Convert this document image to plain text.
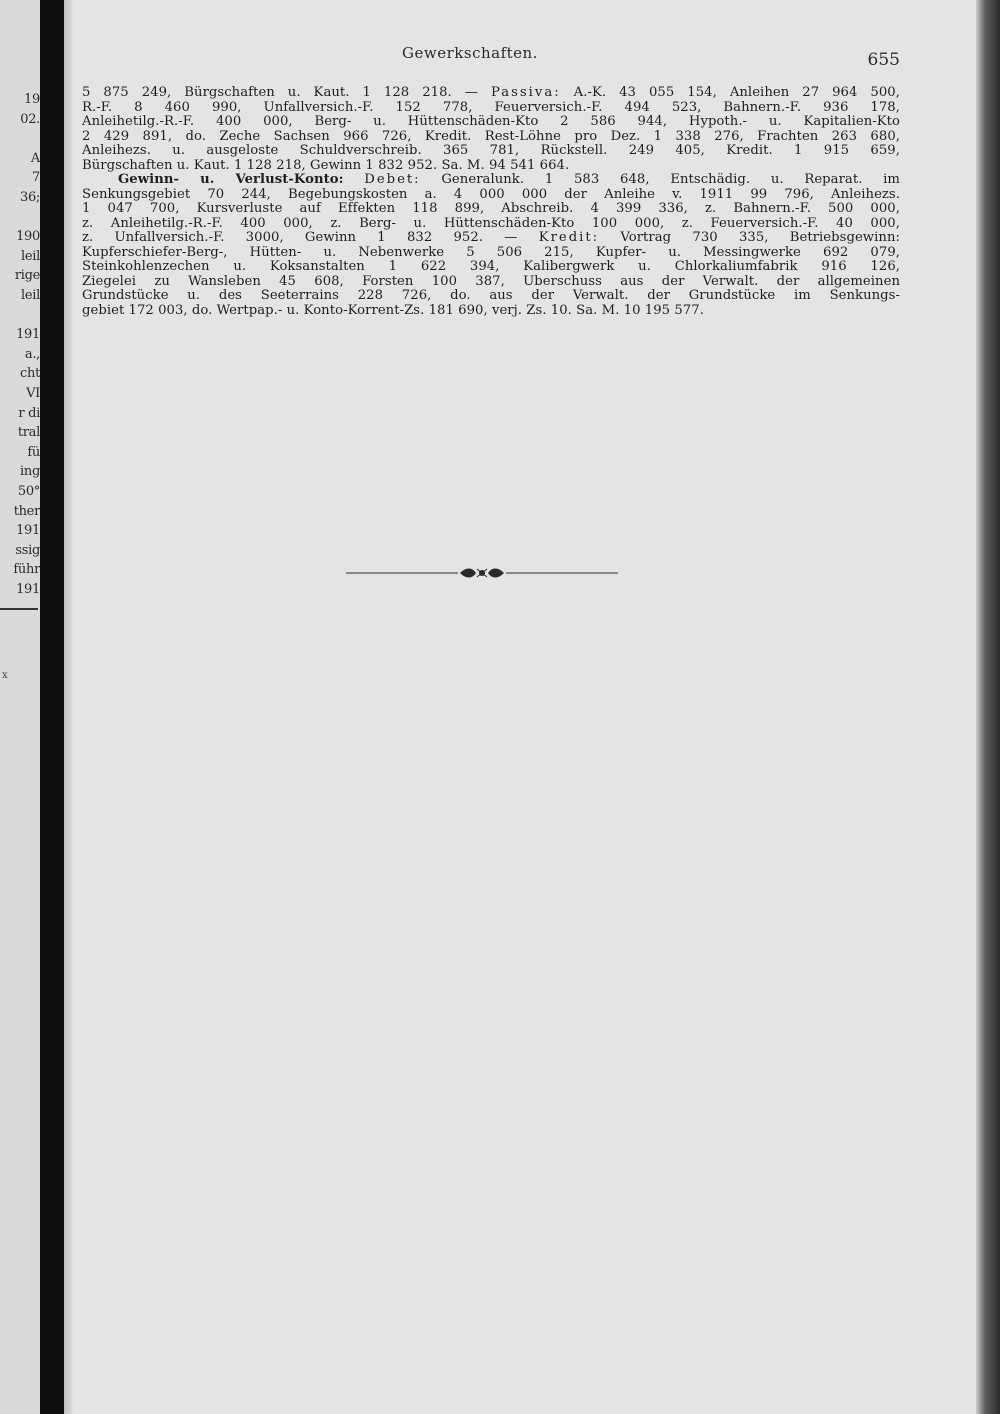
19
02.
A
7
36;
190
leil
rige
leil
191
a.,
cht
VI
r di
tral
fü
ing
50°
ther
191
ssig
führ
191
x
Gewerkschaften.	655
5 875 249, Bürgschaften u. Kaut. 1 128 218. — Passiva: A.-K. 43 055 154, Anleihen 27 964 500,
R.-F. 8 460 990, Unfallversich.-F. 152 778, Feuerversich.-F. 494 523, Bahnern.-F. 936 178,
Anleihetilg.-R.-F. 400 000, Berg- u. Hüttenschäden-Kto 2 586 944, Hypoth.- u. Kapitalien-Kto
2 429 891, do. Zeche Sachsen 966 726, Kredit. Rest-Löhne pro Dez. 1 338 276, Frachten 263 680,
Anleihezs. u. ausgeloste Schuldverschreib. 365 781, Rückstell. 249 405, Kredit. 1 915 659,
Bürgschaften u. Kaut. 1 128 218, Gewinn 1 832 952. Sa. M. 94 541 664.
Gewinn- u. Verlust-Konto: Debet: Generalunk. 1 583 648, Entschädig. u. Reparat. im
Senkungsgebiet 70 244, Begebungskosten a. 4 000 000 der Anleihe v. 1911 99 796, Anleihezs.
1 047 700, Kursverluste auf Effekten 118 899, Abschreib. 4 399 336, z. Bahnern.-F. 500 000,
z. Anleihetilg.-R.-F. 400 000, z. Berg- u. Hüttenschäden-Kto 100 000, z. Feuerversich.-F. 40 000,
z. Unfallversich.-F. 3000, Gewinn 1 832 952. — Kredit: Vortrag 730 335, Betriebsgewinn:
Kupferschiefer-Berg-, Hütten- u. Nebenwerke 5 506 215, Kupfer- u. Messingwerke 692 079,
Steinkohlenzechen u. Koksanstalten 1 622 394, Kalibergwerk u. Chlorkaliumfabrik 916 126,
Ziegelei zu Wansleben 45 608, Forsten 100 387, Überschuss aus der Verwalt. der allgemeinen
Grundstücke u. des Seeterrains 228 726, do. aus der Verwalt. der Grundstücke im Senkungs-
gebiet 172 003, do. Wertpap.- u. Konto-Korrent-Zs. 181 690, verj. Zs. 10. Sa. M. 10 195 577.
